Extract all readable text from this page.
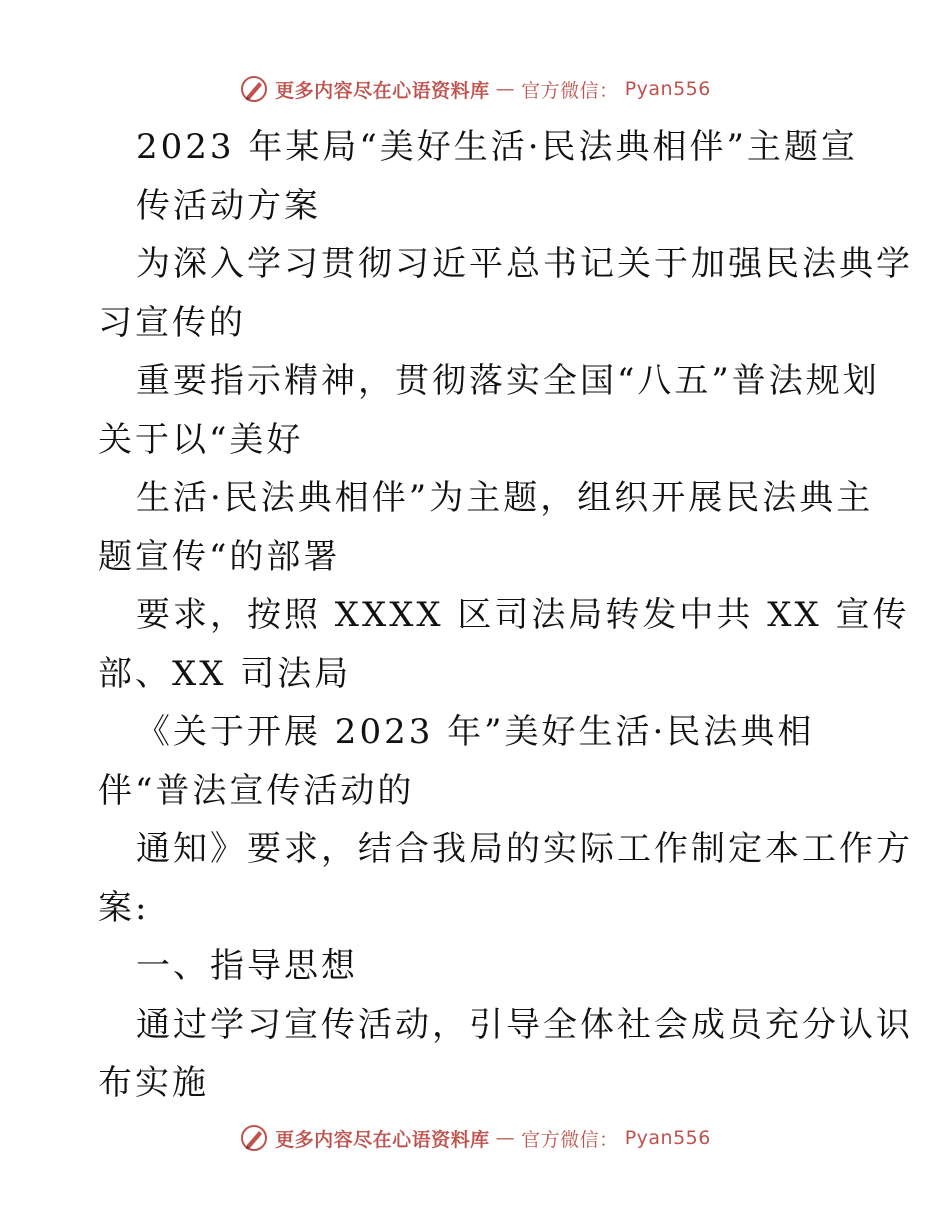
更多内容尽在心语资料库 — 官方微信： Pyan556
2023 年某局“美好生活·民法典相伴”主题宣
传活动方案
为深入学习贯彻习近平总书记关于加强民法典学
习宣传的
重要指示精神，贯彻落实全国“八五”普法规划
关于以“美好
生活·民法典相伴”为主题，组织开展民法典主
题宣传“的部署
要求，按照 XXXX 区司法局转发中共 XX 宣传
部、XX 司法局
《关于开展 2023 年”美好生活·民法典相
伴“普法宣传活动的
通知》要求，结合我局的实际工作制定本工作方
案:
一、指导思想
通过学习宣传活动，引导全体社会成员充分认识
布实施
更多内容尽在心语资料库 — 官方微信： Pyan556
